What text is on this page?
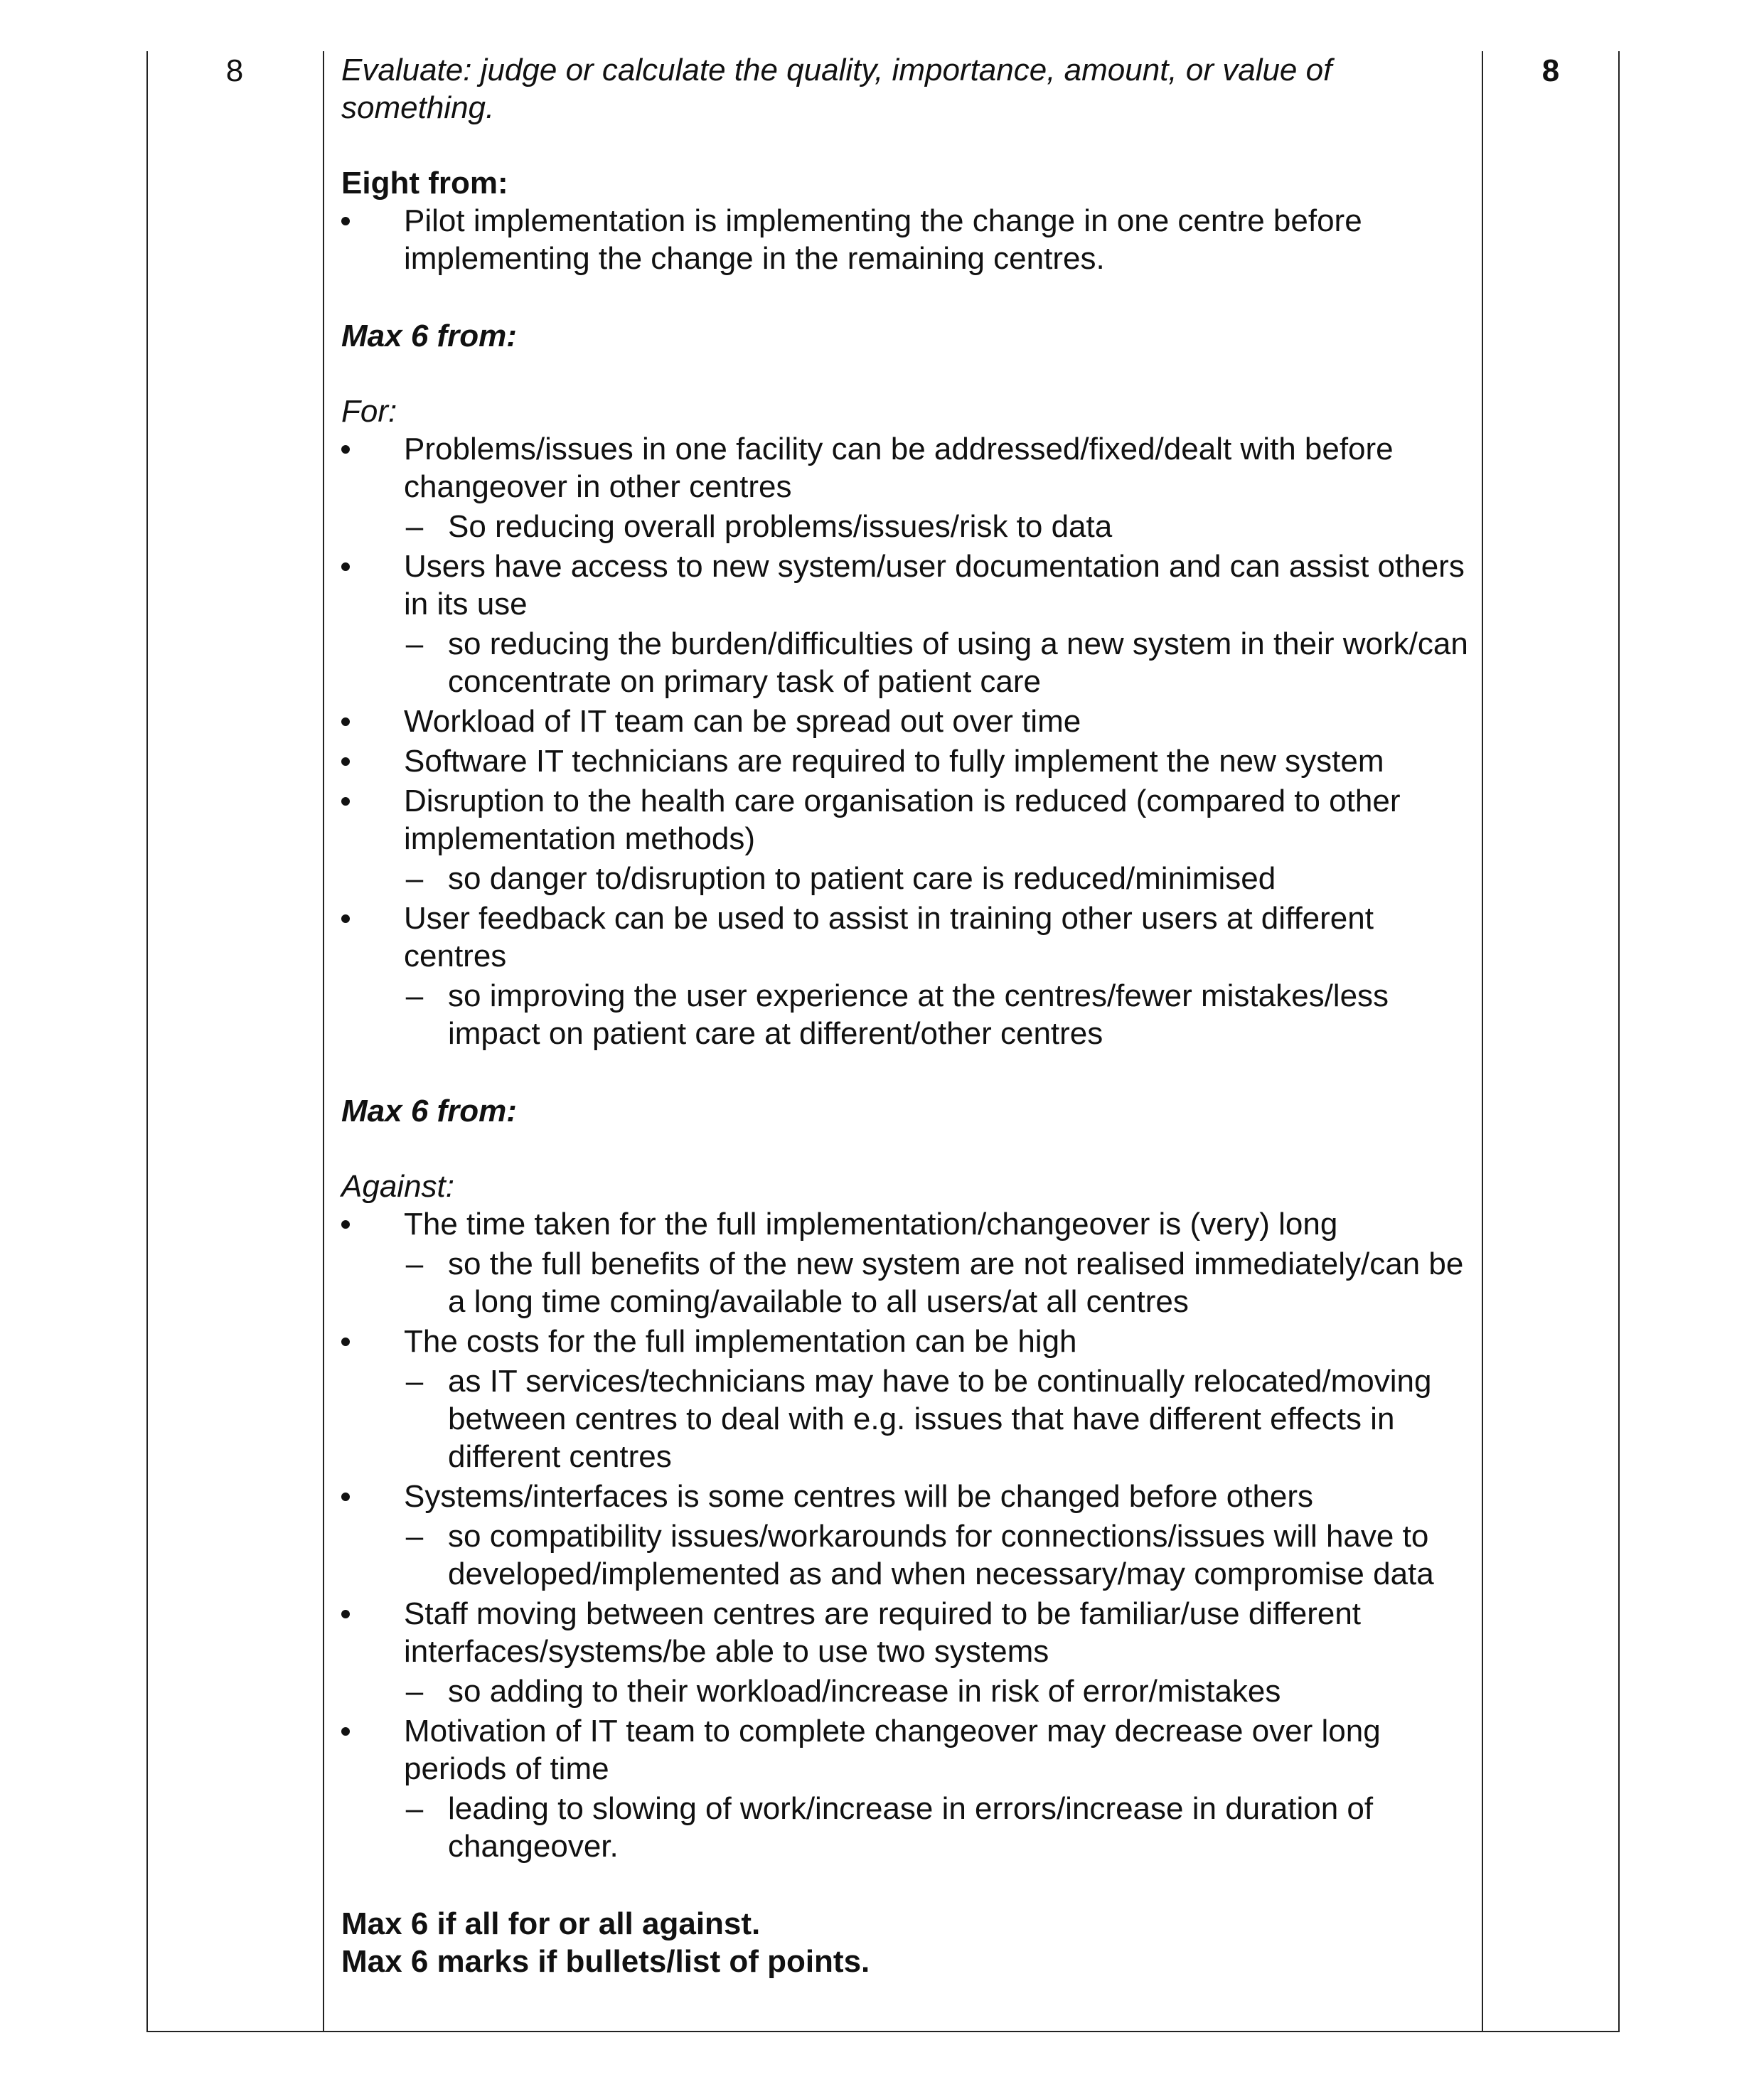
8	8

Evaluate: judge or calculate the quality, importance, amount, or value of something.

Eight from:

Pilot implementation is implementing the change in one centre before implementing the change in the remaining centres.

Max 6 from:

For:

Problems/issues in one facility can be addressed/fixed/dealt with before changeover in other centres
– So reducing overall problems/issues/risk to data
Users have access to new system/user documentation and can assist others in its use
– so reducing the burden/difficulties of using a new system in their work/can concentrate on primary task of patient care
Workload of IT team can be spread out over time
Software IT technicians are required to fully implement the new system
Disruption to the health care organisation is reduced (compared to other implementation methods)
– so danger to/disruption to patient care is reduced/minimised
User feedback can be used to assist in training other users at different centres
– so improving the user experience at the centres/fewer mistakes/less impact on patient care at different/other centres

Max 6 from:

Against:

The time taken for the full implementation/changeover is (very) long
– so the full benefits of the new system are not realised immediately/can be a long time coming/available to all users/at all centres
The costs for the full implementation can be high
– as IT services/technicians may have to be continually relocated/moving between centres to deal with e.g. issues that have different effects in different centres
Systems/interfaces is some centres will be changed before others
– so compatibility issues/workarounds for connections/issues will have to developed/implemented as and when necessary/may compromise data
Staff moving between centres are required to be familiar/use different interfaces/systems/be able to use two systems
– so adding to their workload/increase in risk of error/mistakes
Motivation of IT team to complete changeover may decrease over long periods of time
– leading to slowing of work/increase in errors/increase in duration of changeover.

Max 6 if all for or all against.

Max 6 marks if bullets/list of points.
